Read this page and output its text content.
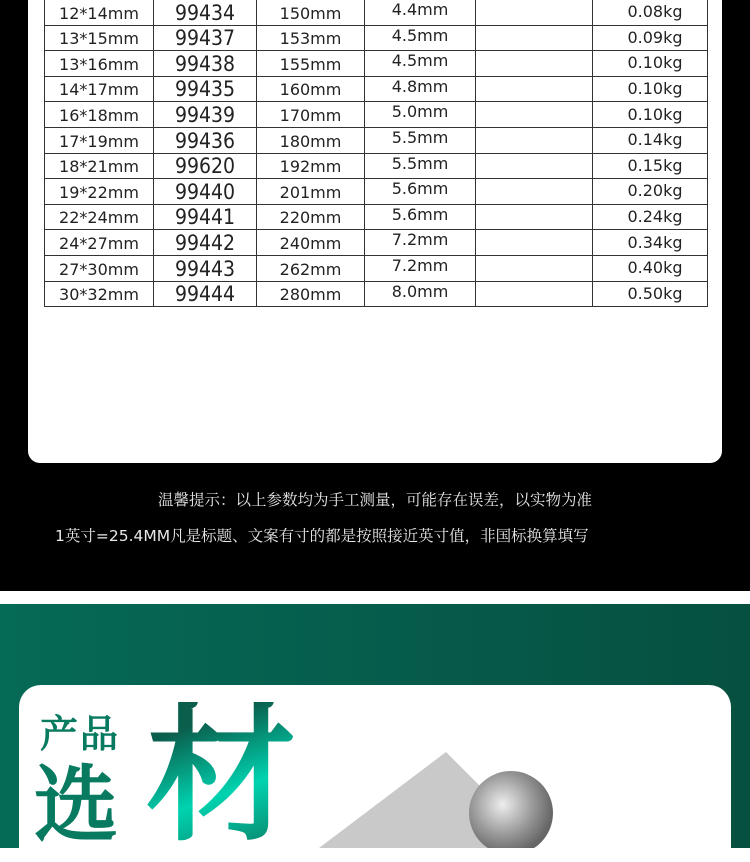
12*14mm	99434	150mm	4.4mm		0.08kg
13*15mm	99437	153mm	4.5mm		0.09kg
13*16mm	99438	155mm	4.5mm		0.10kg
14*17mm	99435	160mm	4.8mm		0.10kg
16*18mm	99439	170mm	5.0mm		0.10kg
17*19mm	99436	180mm	5.5mm		0.14kg
18*21mm	99620	192mm	5.5mm		0.15kg
19*22mm	99440	201mm	5.6mm		0.20kg
22*24mm	99441	220mm	5.6mm		0.24kg
24*27mm	99442	240mm	7.2mm		0.34kg
27*30mm	99443	262mm	7.2mm		0.40kg
30*32mm	99444	280mm	8.0mm		0.50kg
温馨提示：以上参数均为手工测量，可能存在误差，以实物为准
1英寸=25.4MM凡是标题、文案有寸的都是按照接近英寸值，非国标换算填写
产品
选 材
